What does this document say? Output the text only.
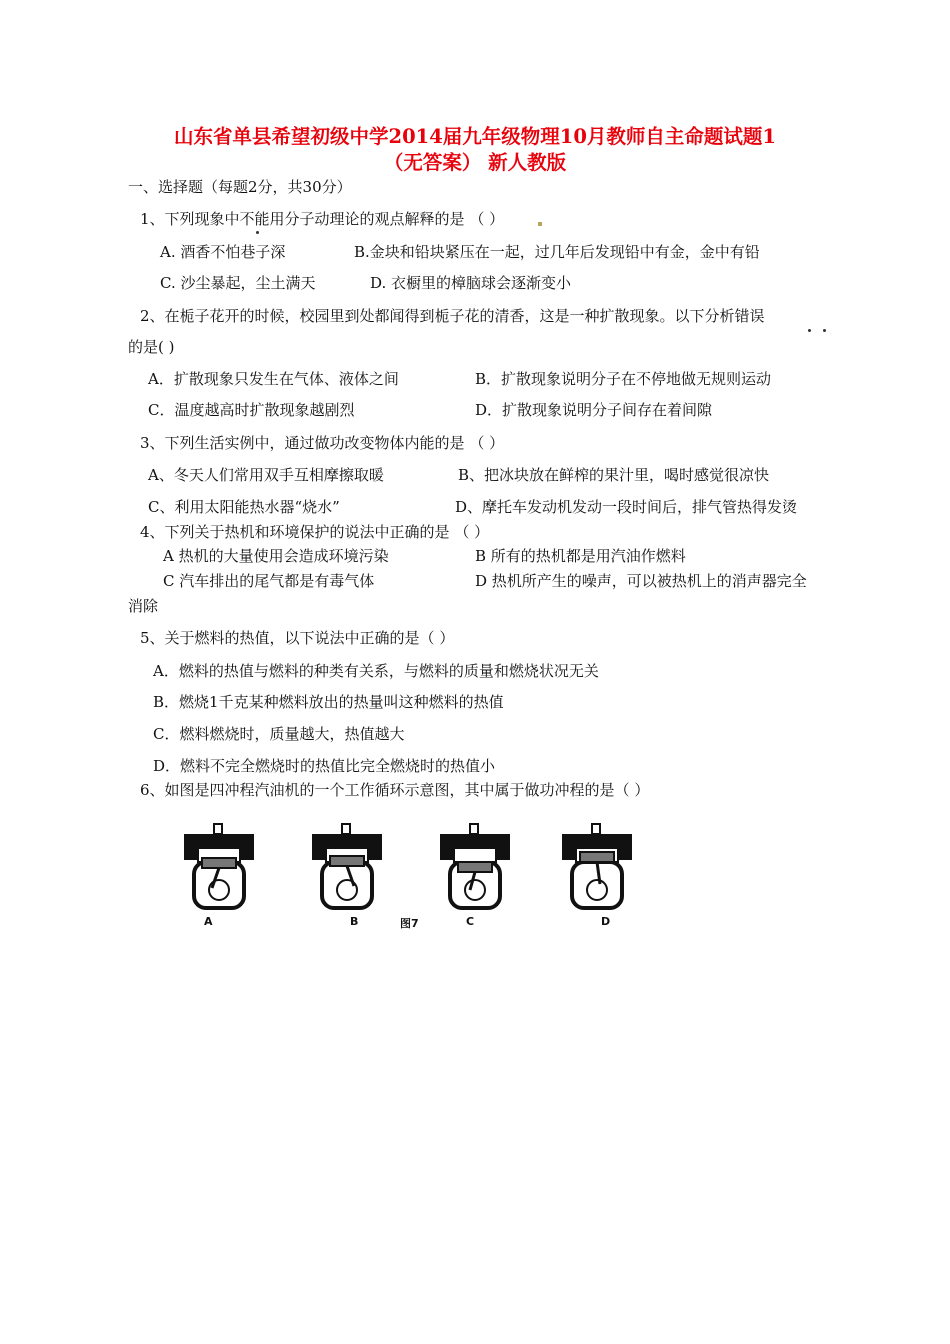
山东省单县希望初级中学2014届九年级物理10月教师自主命题试题1
（无答案） 新人教版
一、选择题（每题2分，共30分）
1、下列现象中不能用分子动理论的观点解释的是 （ ）
A. 酒香不怕巷子深	B.金块和铅块紧压在一起，过几年后发现铅中有金，金中有铅
C. 沙尘暴起，尘土满天	D. 衣橱里的樟脑球会逐渐变小
2、在栀子花开的时候，校园里到处都闻得到栀子花的清香，这是一种扩散现象。以下分析错误
的是( )
A．扩散现象只发生在气体、液体之间	B．扩散现象说明分子在不停地做无规则运动
C．温度越高时扩散现象越剧烈	D．扩散现象说明分子间存在着间隙
3、下列生活实例中，通过做功改变物体内能的是 （ ）
A、冬天人们常用双手互相摩擦取暖	B、把冰块放在鲜榨的果汁里，喝时感觉很凉快
C、利用太阳能热水器“烧水”	D、摩托车发动机发动一段时间后，排气管热得发烫
4、下列关于热机和环境保护的说法中正确的是 （ ）
A 热机的大量使用会造成环境污染	B 所有的热机都是用汽油作燃料
C 汽车排出的尾气都是有毒气体	D 热机所产生的噪声，可以被热机上的消声器完全
消除
5、关于燃料的热值，以下说法中正确的是（ ）
A．燃料的热值与燃料的种类有关系，与燃料的质量和燃烧状况无关
B．燃烧1千克某种燃料放出的热量叫这种燃料的热值
C．燃料燃烧时，质量越大，热值越大
D．燃料不完全燃烧时的热值比完全燃烧时的热值小
6、如图是四冲程汽油机的一个工作循环示意图，其中属于做功冲程的是（ ）
A	B	图7	C	D
